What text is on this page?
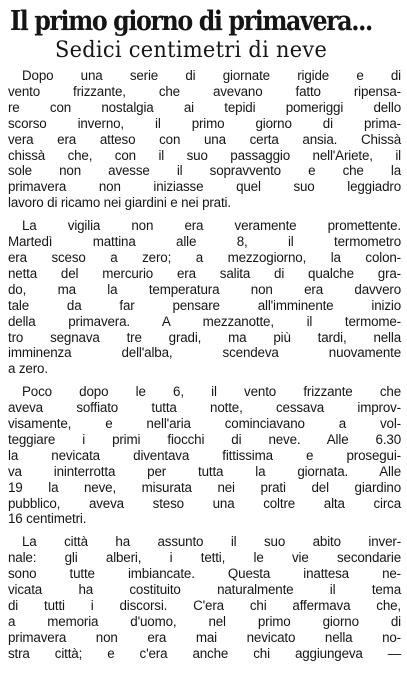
Il primo giorno di primavera...
Sedici centimetri di neve
Dopo una serie di giornate rigide e di
vento frizzante, che avevano fatto ripensa-
re con nostalgia ai tepidi pomeriggi dello
scorso inverno, il primo giorno di prima-
vera era atteso con una certa ansia. Chissà
chissà che, con il suo passaggio nell'Ariete, il
sole non avesse il sopravvento e che la
primavera non iniziasse quel suo leggiadro
lavoro di ricamo nei giardini e nei prati.
La vigilia non era veramente promettente.
Martedì mattina alle 8, il termometro
era sceso a zero; a mezzogiorno, la colon-
netta del mercurio era salita di qualche gra-
do, ma la temperatura non era davvero
tale da far pensare all'imminente inizio
della primavera. A mezzanotte, il termome-
tro segnava tre gradi, ma più tardi, nella
imminenza dell'alba, scendeva nuovamente
a zero.
Poco dopo le 6, il vento frizzante che
aveva soffiato tutta notte, cessava improv-
visamente, e nell'aria cominciavano a vol-
teggiare i primi fiocchi di neve. Alle 6.30
la nevicata diventava fittissima e prosegui-
va ininterrotta per tutta la giornata. Alle
19 la neve, misurata nei prati del giardino
pubblico, aveva steso una coltre alta circa
16 centimetri.
La città ha assunto il suo abito inver-
nale: gli alberi, i tetti, le vie secondarie
sono tutte imbiancate. Questa inattesa ne-
vicata ha costituito naturalmente il tema
di tutti i discorsi. C'era chi affermava che,
a memoria d'uomo, nel primo giorno di
primavera non era mai nevicato nella no-
stra città; e c'era anche chi aggiungeva —
